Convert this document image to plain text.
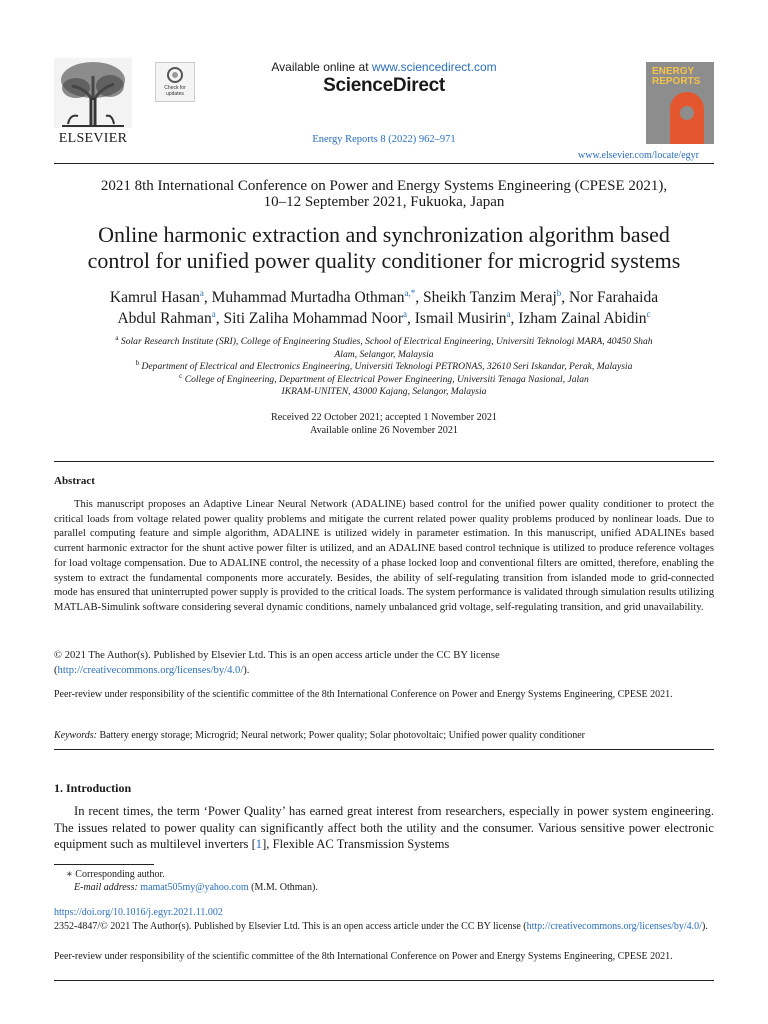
ELSEVIER
Check for updates
Available online at www.sciencedirect.com
ScienceDirect
Energy Reports 8 (2022) 962–971
ENERGY REPORTS
www.elsevier.com/locate/egyr
2021 8th International Conference on Power and Energy Systems Engineering (CPESE 2021),
10–12 September 2021, Fukuoka, Japan
Online harmonic extraction and synchronization algorithm based
control for unified power quality conditioner for microgrid systems
Kamrul Hasan$^a$, Muhammad Murtadha Othman$^{a,*}$, Sheikh Tanzim Meraj$^b$, Nor Farahaida
Abdul Rahman$^a$, Siti Zaliha Mohammad Noor$^a$, Ismail Musirin$^a$, Izham Zainal Abidin$^c$
$^a$ Solar Research Institute (SRI), College of Engineering Studies, School of Electrical Engineering, Universiti Teknologi MARA, 40450 Shah
Alam, Selangor, Malaysia
$^b$ Department of Electrical and Electronics Engineering, Universiti Teknologi PETRONAS, 32610 Seri Iskandar, Perak, Malaysia
$^c$ College of Engineering, Department of Electrical Power Engineering, Universiti Tenaga Nasional, Jalan
IKRAM-UNITEN, 43000 Kajang, Selangor, Malaysia
Received 22 October 2021; accepted 1 November 2021
Available online 26 November 2021
Abstract

This manuscript proposes an Adaptive Linear Neural Network (ADALINE) based control for the unified power quality conditioner to protect the critical loads from voltage related power quality problems and mitigate the current related power quality problems produced by nonlinear loads. Due to parallel computing feature and simple algorithm, ADALINE is utilized widely in parameter estimation. In this manuscript, unified ADALINEs based current harmonic extractor for the shunt active power filter is utilized, and an ADALINE based control technique is utilized to produce reference voltages for load voltage compensation. Due to ADALINE control, the necessity of a phase locked loop and conventional filters are omitted, therefore, enabling the system to extract the fundamental components more accurately. Besides, the ability of self-regulating transition from islanded mode to grid-connected mode has ensured that uninterrupted power supply is provided to the critical loads. The system performance is validated through simulation results utilizing MATLAB-Simulink software considering several dynamic conditions, namely unbalanced grid voltage, self-regulating transition, and grid unavailability.

© 2021 The Author(s). Published by Elsevier Ltd. This is an open access article under the CC BY license
(http://creativecommons.org/licenses/by/4.0/).
Peer-review under responsibility of the scientific committee of the 8th International Conference on Power and Energy Systems Engineering, CPESE 2021.
Keywords: Battery energy storage; Microgrid; Neural network; Power quality; Solar photovoltaic; Unified power quality conditioner
1. Introduction

In recent times, the term ‘Power Quality’ has earned great interest from researchers, especially in power system engineering. The issues related to power quality can significantly affect both the utility and the consumer. Various sensitive power electronic equipment such as multilevel inverters [1], Flexible AC Transmission Systems

∗ Corresponding author.
E-mail address: mamat505my@yahoo.com (M.M. Othman).
https://doi.org/10.1016/j.egyr.2021.11.002
2352-4847/© 2021 The Author(s). Published by Elsevier Ltd. This is an open access article under the CC BY license (http://creativecommons.org/licenses/by/4.0/).
Peer-review under responsibility of the scientific committee of the 8th International Conference on Power and Energy Systems Engineering, CPESE 2021.
